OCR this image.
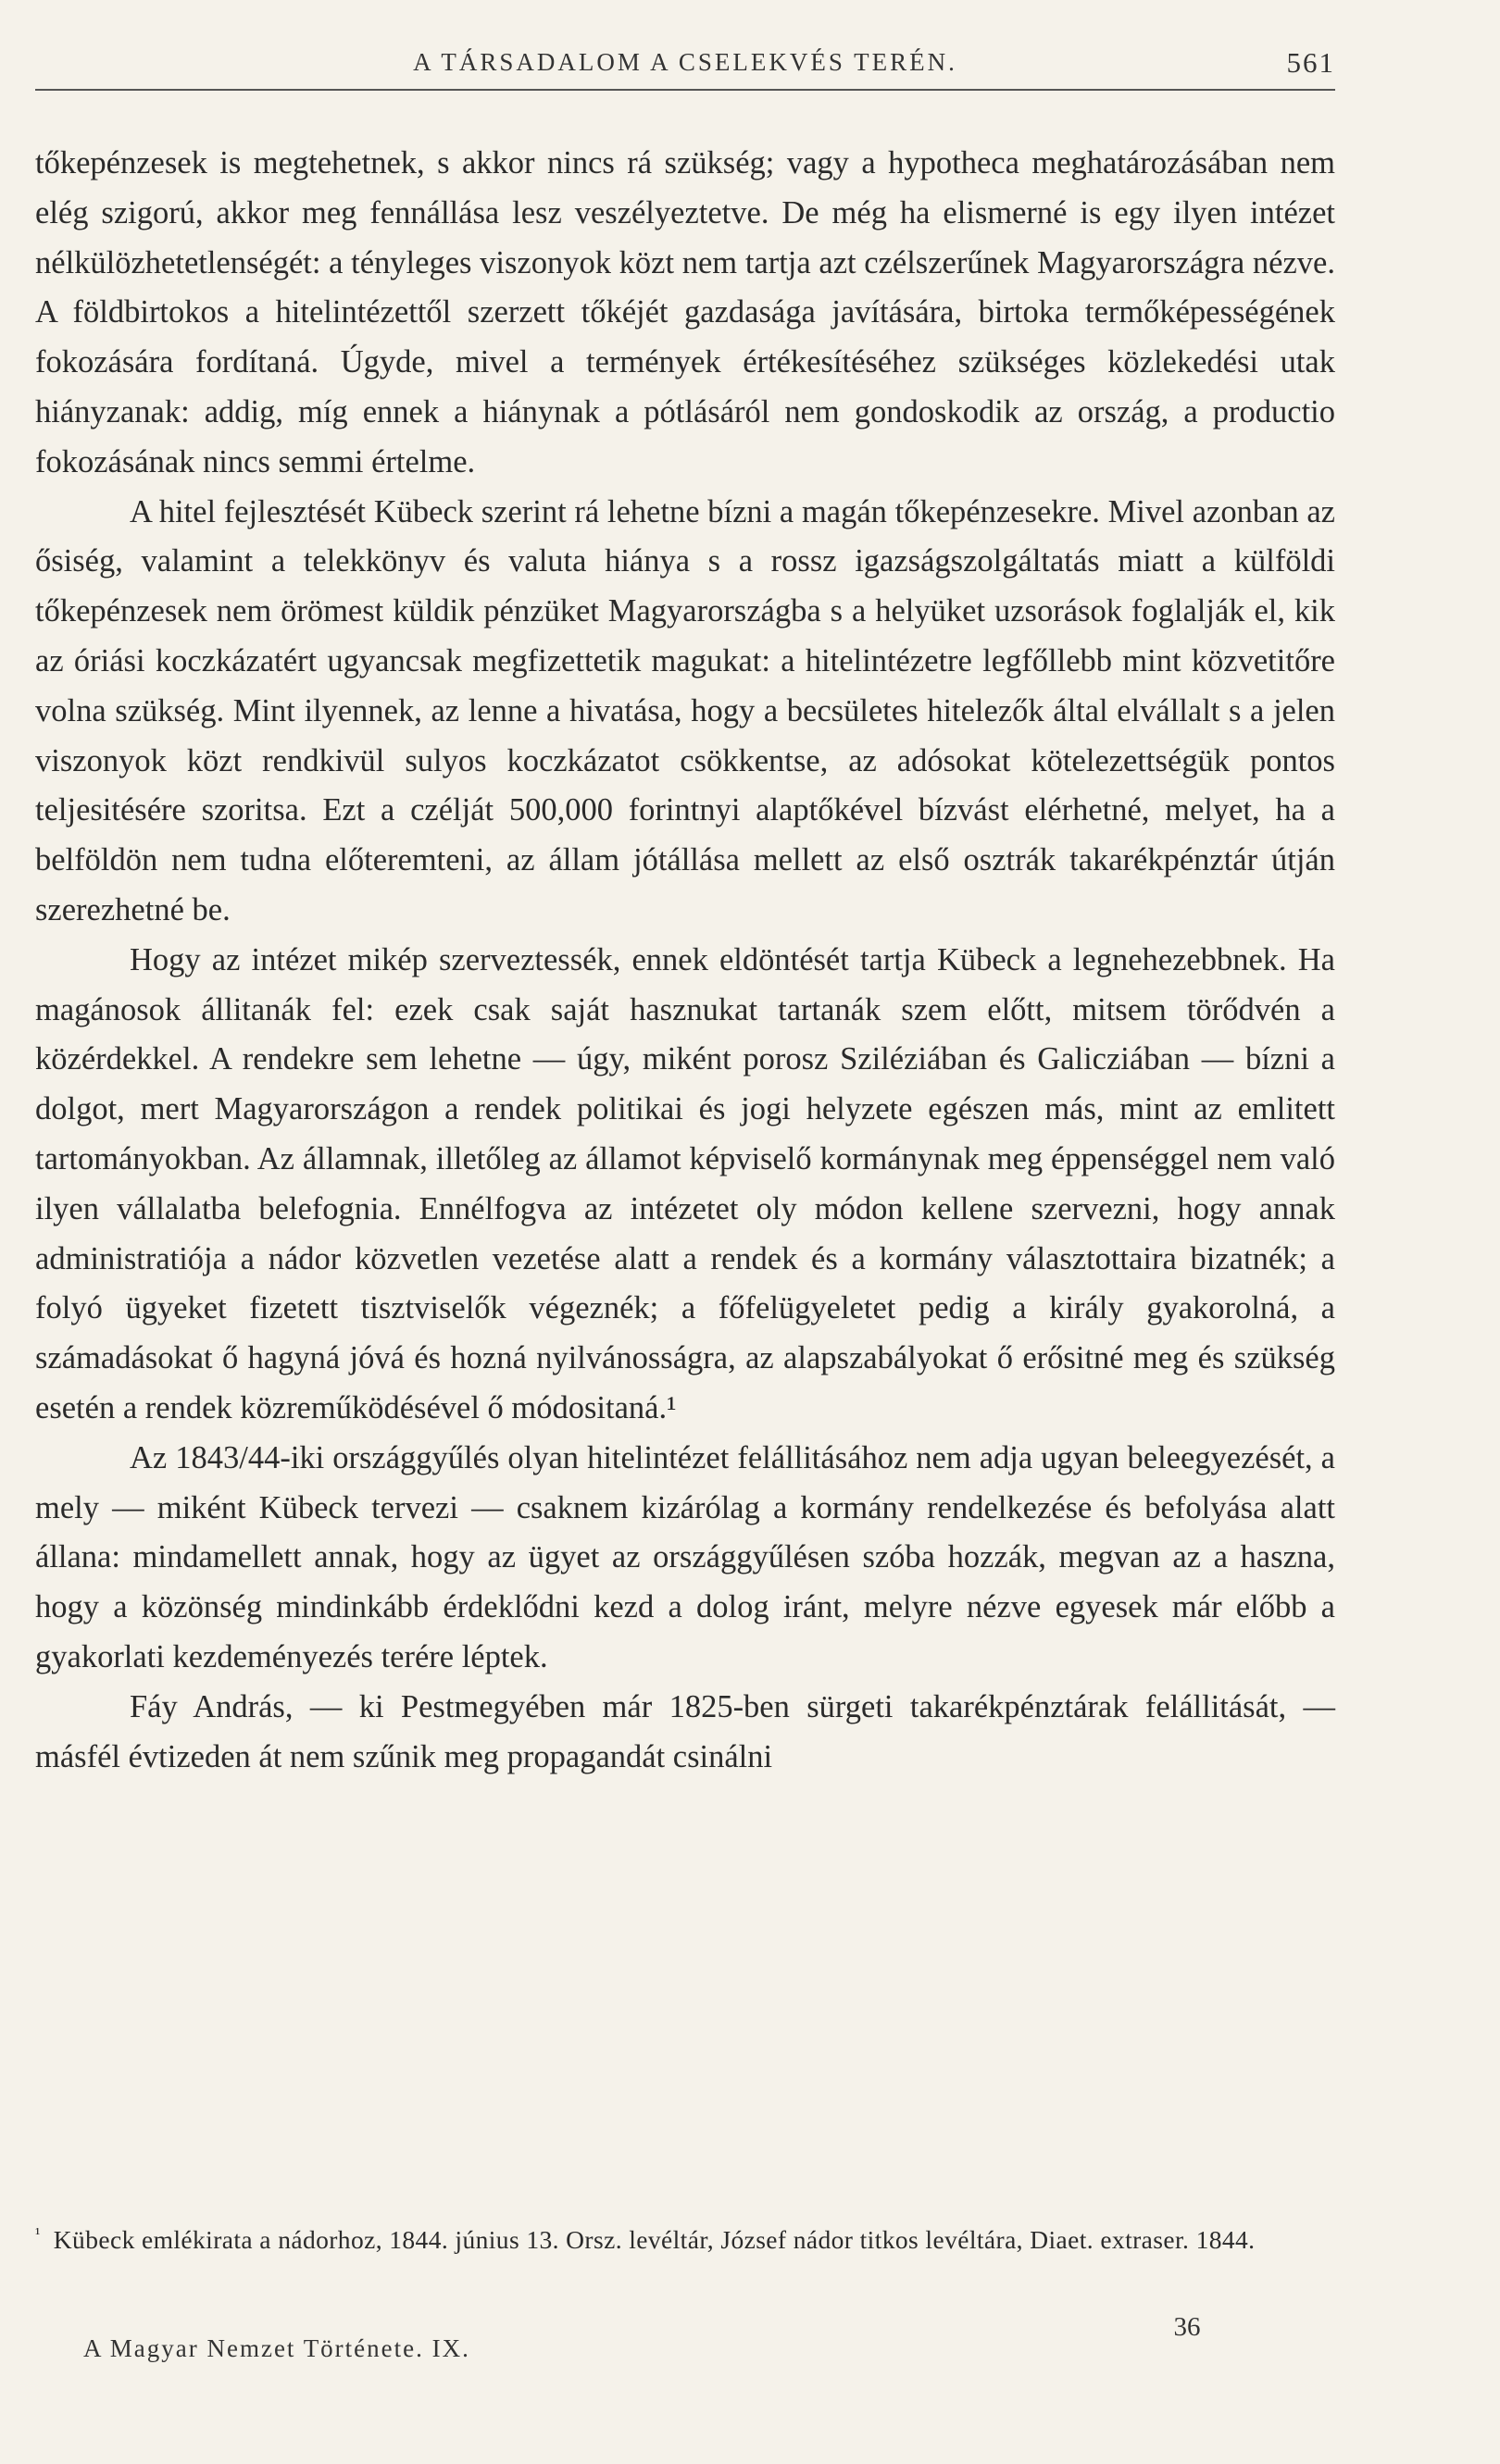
A TÁRSADALOM A CSELEKVÉS TERÉN.	561

tőkepénzesek is megtehetnek, s akkor nincs rá szükség; vagy a hypotheca meghatározásában nem elég szigorú, akkor meg fennállása lesz veszélyeztetve. De még ha elismerné is egy ilyen intézet nélkülözhetetlenségét: a tényleges viszonyok közt nem tartja azt czélszerűnek Magyarországra nézve. A földbirtokos a hitelintézettől szerzett tőkéjét gazdasága javítására, birtoka termőképességének fokozására fordítaná. Úgyde, mivel a termények értékesítéséhez szükséges közlekedési utak hiányzanak: addig, míg ennek a hiánynak a pótlásáról nem gondoskodik az ország, a productio fokozásának nincs semmi értelme.

A hitel fejlesztését Kübeck szerint rá lehetne bízni a magán tőkepénzesekre. Mivel azonban az ősiség, valamint a telekkönyv és valuta hiánya s a rossz igazságszolgáltatás miatt a külföldi tőkepénzesek nem örömest küldik pénzüket Magyarországba s a helyüket uzsorások foglalják el, kik az óriási koczkázatért ugyancsak megfizettetik magukat: a hitelintézetre legfőllebb mint közvetitőre volna szükség. Mint ilyennek, az lenne a hivatása, hogy a becsületes hitelezők által elvállalt s a jelen viszonyok közt rendkivül sulyos koczkázatot csökkentse, az adósokat kötelezettségük pontos teljesitésére szoritsa. Ezt a czélját 500,000 forintnyi alaptőkével bízvást elérhetné, melyet, ha a belföldön nem tudna előteremteni, az állam jótállása mellett az első osztrák takarékpénztár útján szerezhetné be.

Hogy az intézet mikép szerveztessék, ennek eldöntését tartja Kübeck a legnehezebbnek. Ha magánosok állitanák fel: ezek csak saját hasznukat tartanák szem előtt, mitsem törődvén a közérdekkel. A rendekre sem lehetne — úgy, miként porosz Sziléziában és Galicziában — bízni a dolgot, mert Magyarországon a rendek politikai és jogi helyzete egészen más, mint az emlitett tartományokban. Az államnak, illetőleg az államot képviselő kormánynak meg éppenséggel nem való ilyen vállalatba belefognia. Ennélfogva az intézetet oly módon kellene szervezni, hogy annak administratiója a nádor közvetlen vezetése alatt a rendek és a kormány választottaira bizatnék; a folyó ügyeket fizetett tisztviselők végeznék; a főfelügyeletet pedig a király gyakorolná, a számadásokat ő hagyná jóvá és hozná nyilvánosságra, az alapszabályokat ő erősitné meg és szükség esetén a rendek közreműködésével ő módositaná.¹

Az 1843/44-iki országgyűlés olyan hitelintézet felállitásához nem adja ugyan beleegyezését, a mely — miként Kübeck tervezi — csaknem kizárólag a kormány rendelkezése és befolyása alatt állana: mindamellett annak, hogy az ügyet az országgyűlésen szóba hozzák, megvan az a haszna, hogy a közönség mindinkább érdeklődni kezd a dolog iránt, melyre nézve egyesek már előbb a gyakorlati kezdeményezés terére léptek.

Fáy András, — ki Pestmegyében már 1825-ben sürgeti takarékpénztárak felállitását, — másfél évtizeden át nem szűnik meg propagandát csinálni

$^{^1}$ Kübeck emlékirata a nádorhoz, 1844. június 13. Orsz. levéltár, József nádor titkos levéltára, Diaet. extraser. 1844.

36
A Magyar Nemzet Története. IX.
